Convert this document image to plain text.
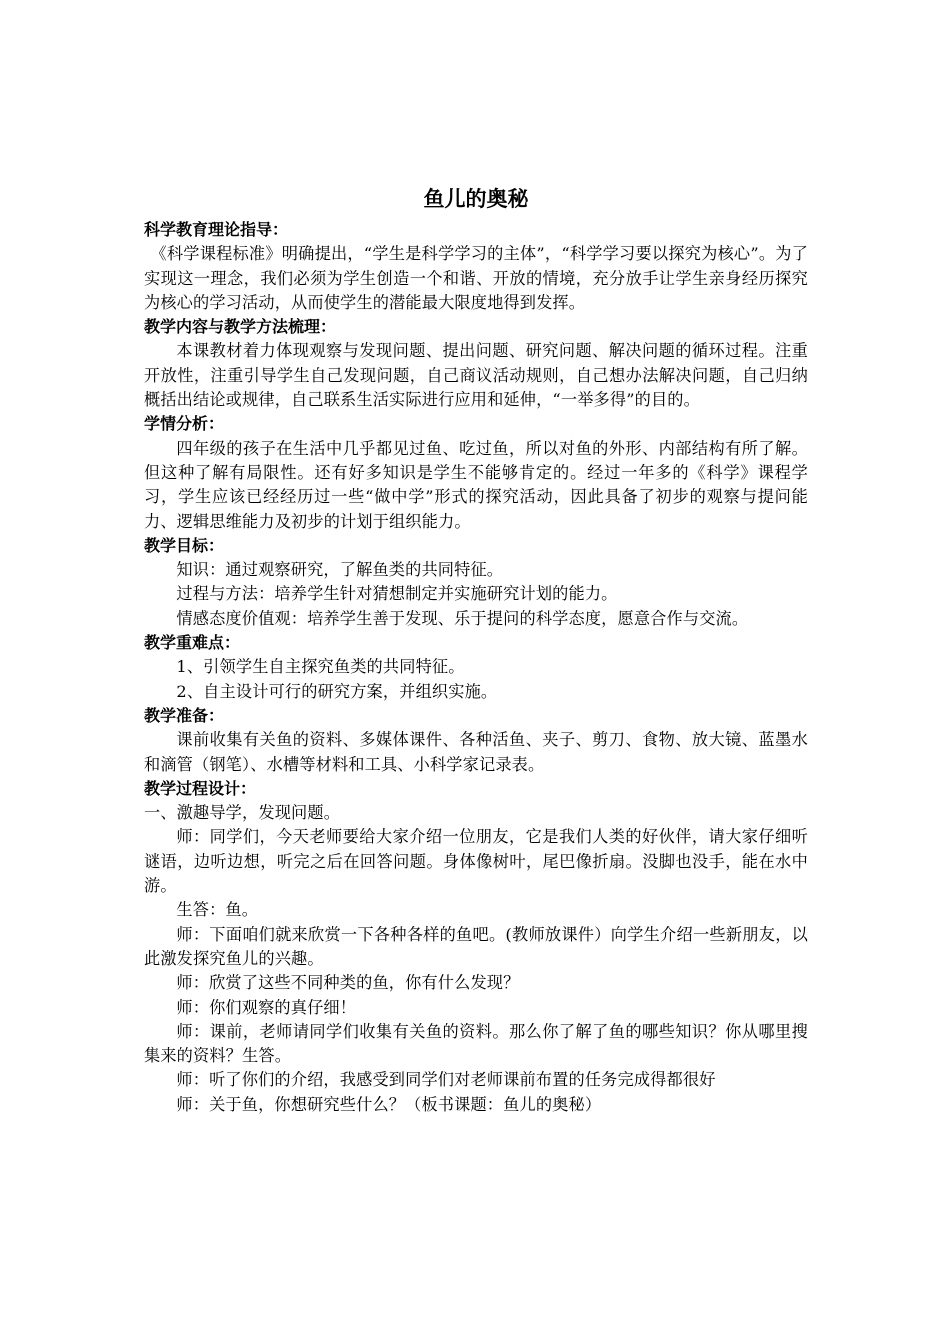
鱼儿的奥秘
科学教育理论指导：
《科学课程标准》明确提出，“学生是科学学习的主体”，“科学学习要以探究为核心”。为了实现这一理念，我们必须为学生创造一个和谐、开放的情境，充分放手让学生亲身经历探究为核心的学习活动，从而使学生的潜能最大限度地得到发挥。
教学内容与教学方法梳理：
本课教材着力体现观察与发现问题、提出问题、研究问题、解决问题的循环过程。注重开放性，注重引导学生自己发现问题，自己商议活动规则，自己想办法解决问题，自己归纳概括出结论或规律，自己联系生活实际进行应用和延伸，“一举多得”的目的。
学情分析：
四年级的孩子在生活中几乎都见过鱼、吃过鱼，所以对鱼的外形、内部结构有所了解。但这种了解有局限性。还有好多知识是学生不能够肯定的。经过一年多的《科学》课程学习，学生应该已经经历过一些“做中学”形式的探究活动，因此具备了初步的观察与提问能力、逻辑思维能力及初步的计划于组织能力。
教学目标：
知识：通过观察研究，了解鱼类的共同特征。
过程与方法：培养学生针对猜想制定并实施研究计划的能力。
情感态度价值观：培养学生善于发现、乐于提问的科学态度，愿意合作与交流。
教学重难点：
1、引领学生自主探究鱼类的共同特征。
2、自主设计可行的研究方案，并组织实施。
教学准备：
课前收集有关鱼的资料、多媒体课件、各种活鱼、夹子、剪刀、食物、放大镜、蓝墨水和滴管（钢笔）、水槽等材料和工具、小科学家记录表。
教学过程设计：
一、激趣导学，发现问题。
师：同学们，今天老师要给大家介绍一位朋友，它是我们人类的好伙伴，请大家仔细听谜语，边听边想，听完之后在回答问题。身体像树叶，尾巴像折扇。没脚也没手，能在水中游。
生答：鱼。
师：下面咱们就来欣赏一下各种各样的鱼吧。(教师放课件）向学生介绍一些新朋友，以此激发探究鱼儿的兴趣。
师：欣赏了这些不同种类的鱼，你有什么发现？
师：你们观察的真仔细！
师：课前，老师请同学们收集有关鱼的资料。那么你了解了鱼的哪些知识？你从哪里搜集来的资料？生答。
师：听了你们的介绍，我感受到同学们对老师课前布置的任务完成得都很好
师：关于鱼，你想研究些什么？（板书课题：鱼儿的奥秘）
